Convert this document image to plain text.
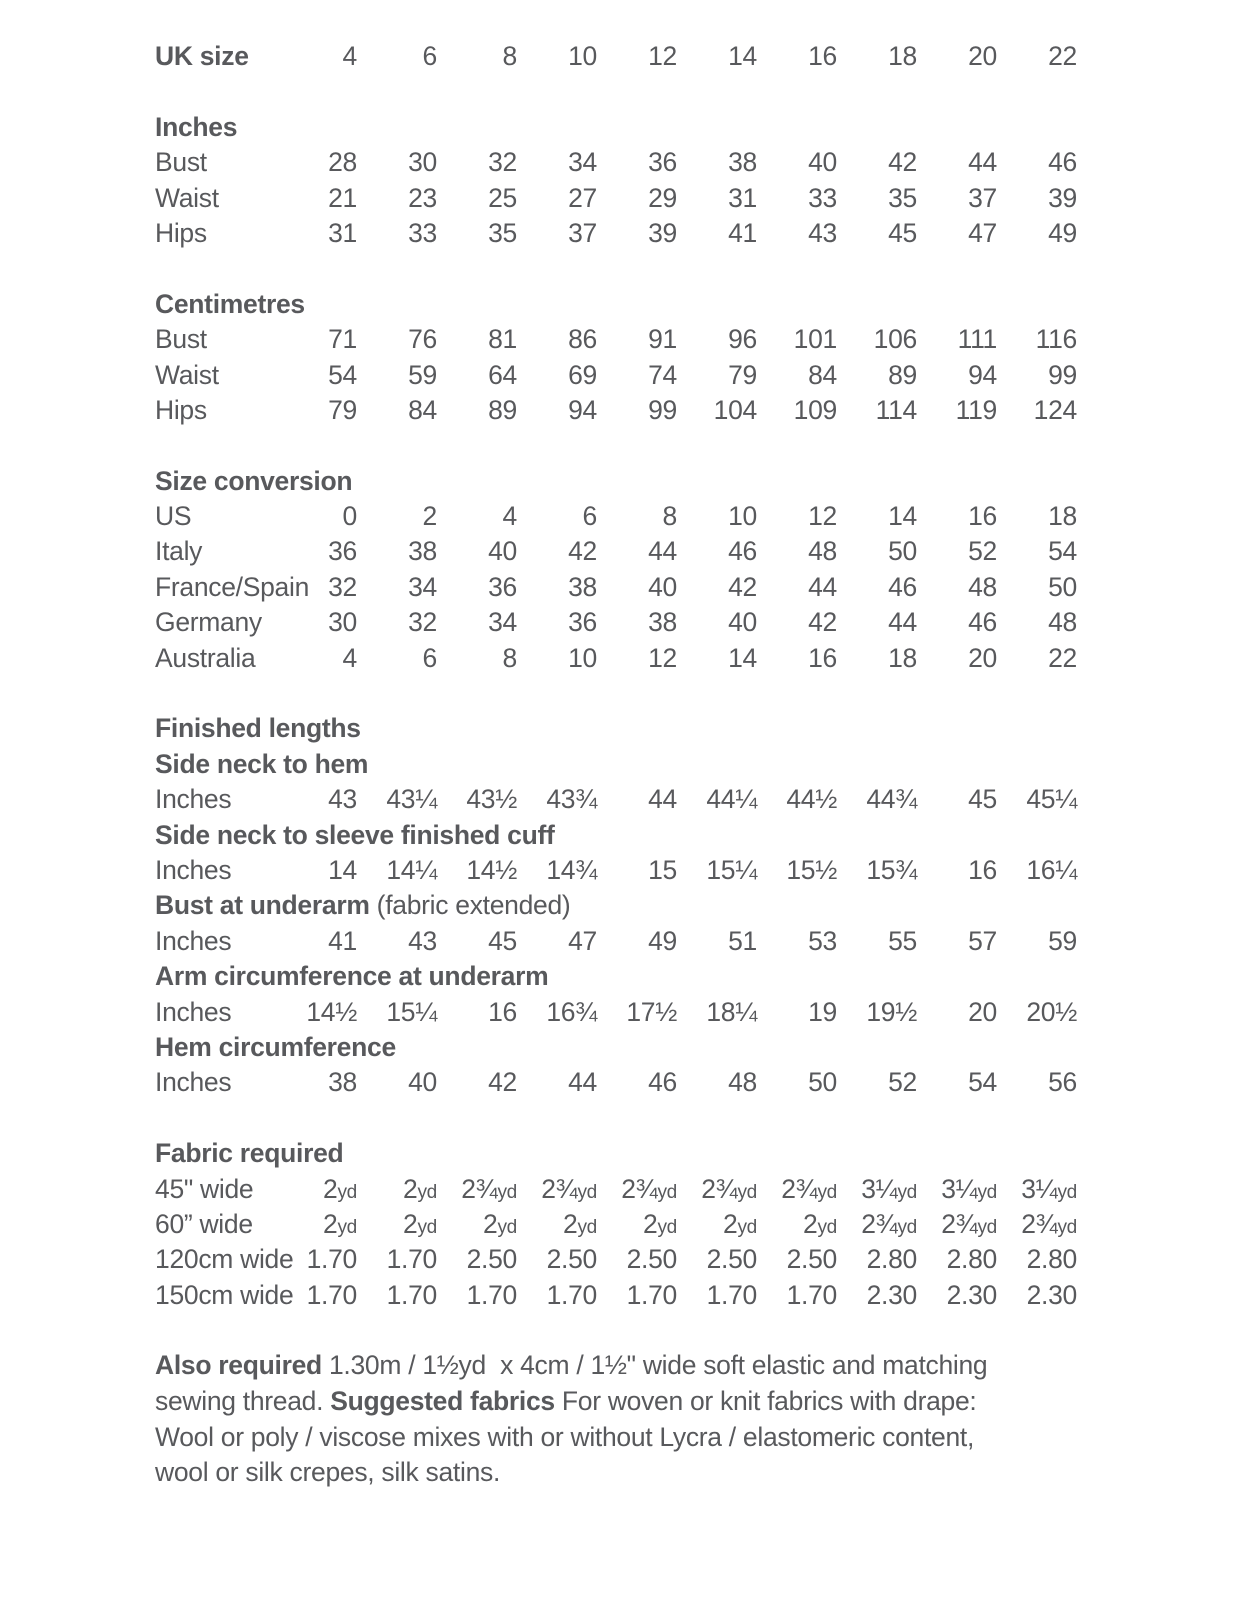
UK size	4	6	8	10	12	14	16	18	20	22
Inches
Bust	28	30	32	34	36	38	40	42	44	46
Waist	21	23	25	27	29	31	33	35	37	39
Hips	31	33	35	37	39	41	43	45	47	49
Centimetres
Bust	71	76	81	86	91	96	101	106	111	116
Waist	54	59	64	69	74	79	84	89	94	99
Hips	79	84	89	94	99	104	109	114	119	124
Size conversion
US	0	2	4	6	8	10	12	14	16	18
Italy	36	38	40	42	44	46	48	50	52	54
France/Spain 32	34	36	38	40	42	44	46	48	50
Germany	30	32	34	36	38	40	42	44	46	48
Australia	4	6	8	10	12	14	16	18	20	22
Finished lengths
Side neck to hem
Inches	43	43¼	43½	43¾	44	44¼	44½	44¾	45	45¼
Side neck to sleeve finished cuff
Inches	14	14¼	14½	14¾	15	15¼	15½	15¾	16	16¼
Bust at underarm (fabric extended)
Inches	41	43	45	47	49	51	53	55	57	59
Arm circumference at underarm
Inches	14½	15¼	16	16¾	17½	18¼	19	19½	20	20½
Hem circumference
Inches	38	40	42	44	46	48	50	52	54	56
Fabric required
45" wide	2yd	2yd 2¾yd 2¾yd 2¾yd 2¾yd 2¾yd 3¼yd 3¼yd 3¼yd
60” wide	2yd	2yd	2yd	2yd	2yd	2yd	2yd 2¾yd 2¾yd 2¾yd
120cm wide 1.70	1.70	2.50	2.50	2.50	2.50	2.50	2.80	2.80	2.80
150cm wide 1.70	1.70	1.70	1.70	1.70	1.70	1.70	2.30	2.30	2.30
Also required 1.30m / 1½yd  x 4cm / 1½" wide soft elastic and matching
sewing thread. Suggested fabrics For woven or knit fabrics with drape:
Wool or poly / viscose mixes with or without Lycra / elastomeric content,
wool or silk crepes, silk satins.
